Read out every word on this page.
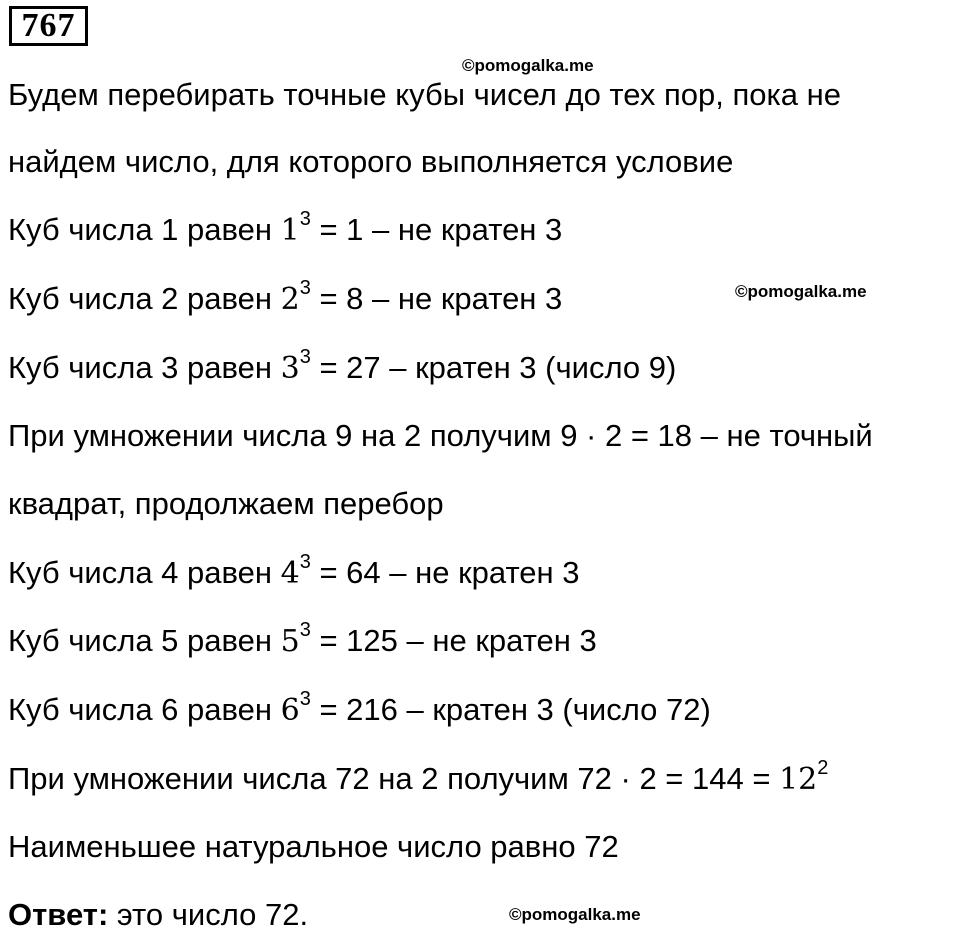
767
©pomogalka.me
©pomogalka.me
©pomogalka.me
Будем перебирать точные кубы чисел до тех пор, пока не
найдем число, для которого выполняется условие
Куб числа 1 равен $1^3 = 1$ – не кратен 3
Куб числа 2 равен $2^3 = 8$ – не кратен 3
Куб числа 3 равен $3^3 = 27$ – кратен 3 (число 9)
При умножении числа 9 на 2 получим 9 · 2 = 18 – не точный
квадрат, продолжаем перебор
Куб числа 4 равен $4^3 = 64$ – не кратен 3
Куб числа 5 равен $5^3 = 125$ – не кратен 3
Куб числа 6 равен $6^3 = 216$ – кратен 3 (число 72)
При умножении числа 72 на 2 получим $72 \cdot 2 = 144 = 12^2$
Наименьшее натуральное число равно 72
Ответ: это число 72.
